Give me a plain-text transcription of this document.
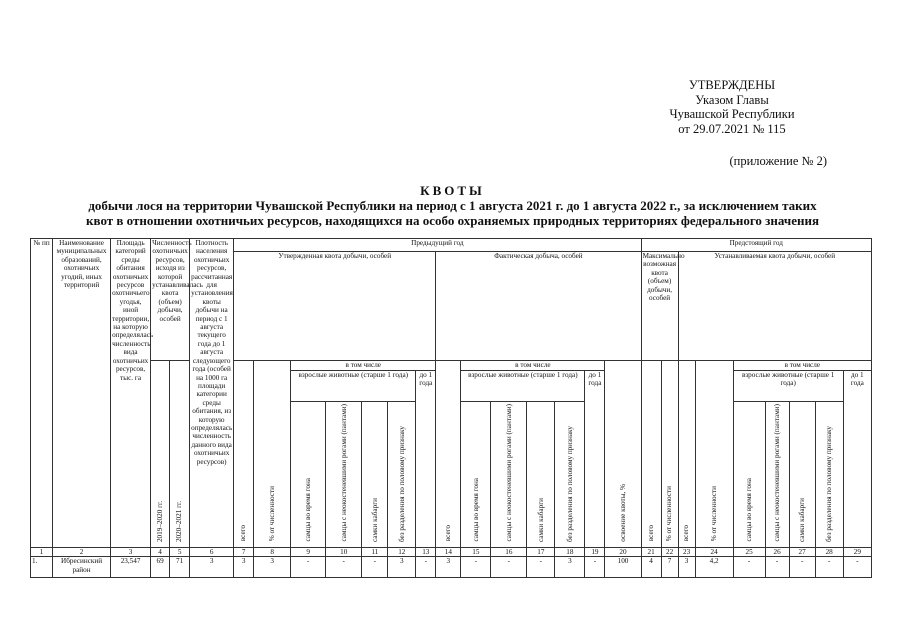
УТВЕРЖДЕНЫ
Указом Главы
Чувашской Республики
от 29.07.2021 № 115
(приложение № 2)
КВОТЫ
добычи лося на территории Чувашской Республики на период с 1 августа 2021 г. до 1 августа 2022 г., за исключением таких
квот в отношении охотничьих ресурсов, находящихся на особо охраняемых природных территориях федерального значения
№ пп	Наименование муниципальных образований, охотничьих угодий, иных территорий	Площадь категорий среды обитания охотничьих ресурсов охотничьего угодья, иной территории, на которую определялась численность вида охотничьих ресурсов, тыс. га	Численность охотничьих ресурсов, исходя из которой устанавливалась квота (объем) добычи, особей		Плотность населения охотничьих ресурсов, рассчитанная для установления квоты добычи на период с 1 августа текущего года до 1 августа следующего года (особей на 1000 га площади категории среды обитания, из которую определялась численность данного вида охотничьих ресурсов)	Предыдущий год														Предстоящий год								
						Утвержденная квота добычи, особей							Фактическая добыча, особей							Максимально возможная квота (объем) добычи, особей		Устанавливаемая квота добычи, особей						
			2019–2020 гг.	2020–2021 гг.		всего	% от численности	в том числе					всего	в том числе					освоение квоты, %	всего	% от численности	всего	% от численности	в том числе				
								взрослые животные (старше 1 года)				до 1 года		взрослые животные (старше 1 года)				до 1 года						взрослые животные (старше 1 года)				до 1 года
								самцы во время гона	самцы с неокостеневшими рогами (пантами)	самки кабарги	без разделения по половому признаку			самцы во время гона	самцы с неокостеневшими рогами (пантами)	самки кабарги	без разделения по половому признаку							самцы во время гона	самцы с неокостеневшими рогами (пантами)	самки кабарги	без разделения по половому признаку	
1	2	3	4	5	6	7	8	9	10	11	12	13	14	15	16	17	18	19	20	21	22	23	24	25	26	27	28	29
1.	Ибресинский район	23,547	69	71	3	3	3	-	-	-	3	-	3	-	-	-	3	-	100	4	7	3	4,2	-	-	-	-	-
